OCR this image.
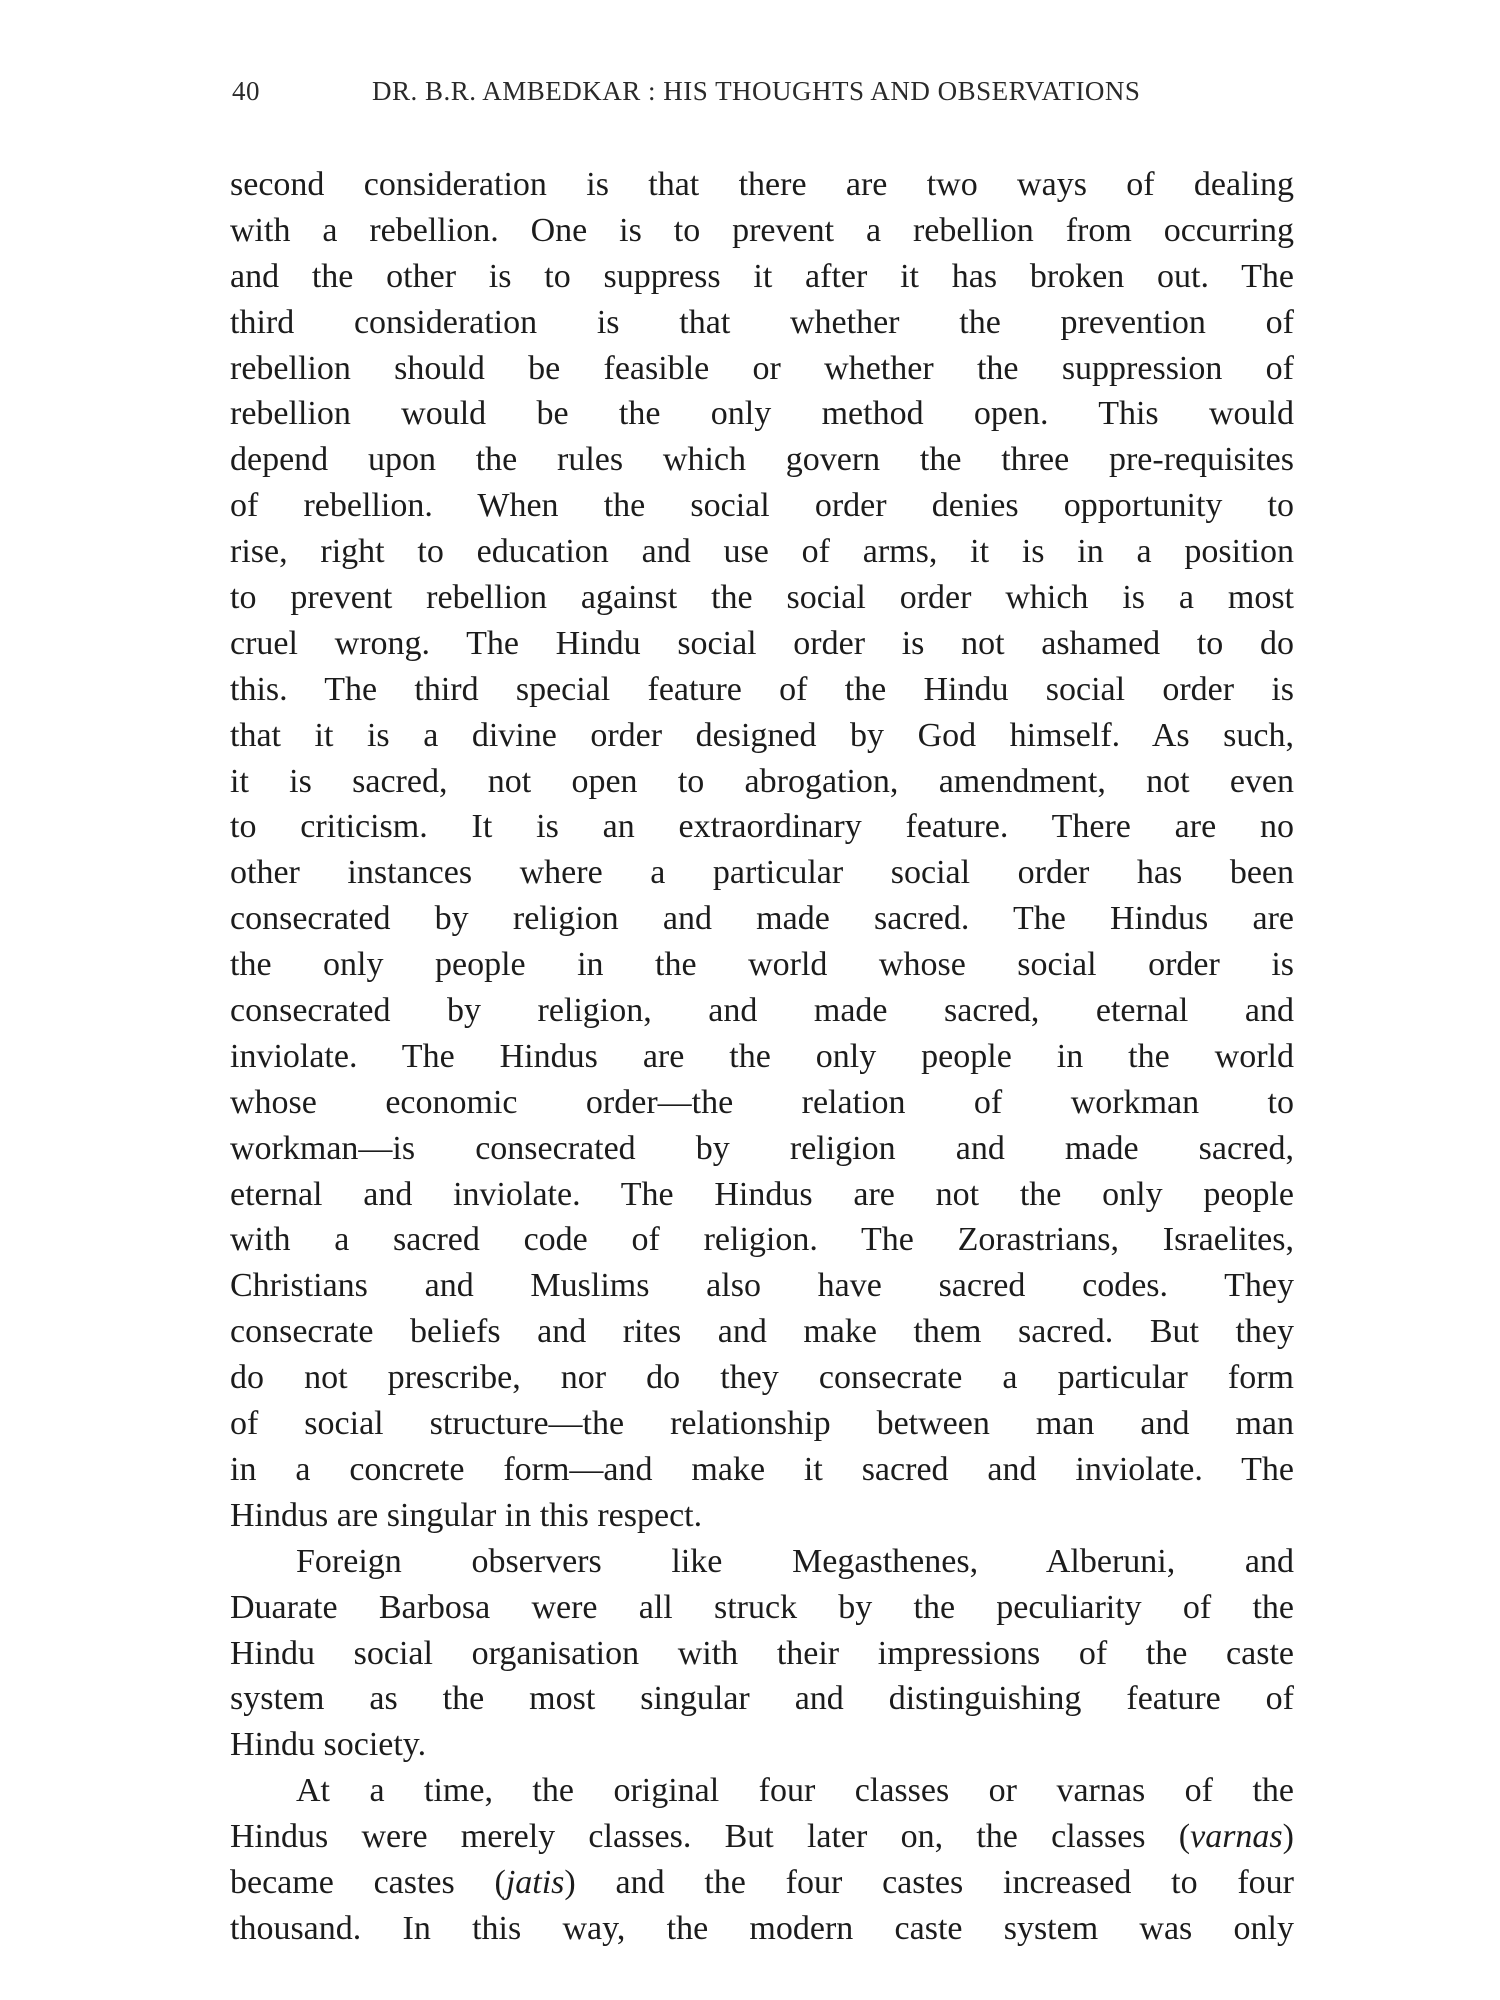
40	DR. B.R. AMBEDKAR : HIS THOUGHTS AND OBSERVATIONS
second consideration is that there are two ways of dealing
with a rebellion. One is to prevent a rebellion from occurring
and the other is to suppress it after it has broken out. The
third consideration is that whether the prevention of
rebellion should be feasible or whether the suppression of
rebellion would be the only method open. This would
depend upon the rules which govern the three pre-requisites
of rebellion. When the social order denies opportunity to
rise, right to education and use of arms, it is in a position
to prevent rebellion against the social order which is a most
cruel wrong. The Hindu social order is not ashamed to do
this. The third special feature of the Hindu social order is
that it is a divine order designed by God himself. As such,
it is sacred, not open to abrogation, amendment, not even
to criticism. It is an extraordinary feature. There are no
other instances where a particular social order has been
consecrated by religion and made sacred. The Hindus are
the only people in the world whose social order is
consecrated by religion, and made sacred, eternal and
inviolate. The Hindus are the only people in the world
whose economic order—the relation of workman to
workman—is consecrated by religion and made sacred,
eternal and inviolate. The Hindus are not the only people
with a sacred code of religion. The Zorastrians, Israelites,
Christians and Muslims also have sacred codes. They
consecrate beliefs and rites and make them sacred. But they
do not prescribe, nor do they consecrate a particular form
of social structure—the relationship between man and man
in a concrete form—and make it sacred and inviolate. The
Hindus are singular in this respect.
Foreign observers like Megasthenes, Alberuni, and
Duarate Barbosa were all struck by the peculiarity of the
Hindu social organisation with their impressions of the caste
system as the most singular and distinguishing feature of
Hindu society.
At a time, the original four classes or varnas of the
Hindus were merely classes. But later on, the classes (varnas)
became castes (jatis) and the four castes increased to four
thousand. In this way, the modern caste system was only
